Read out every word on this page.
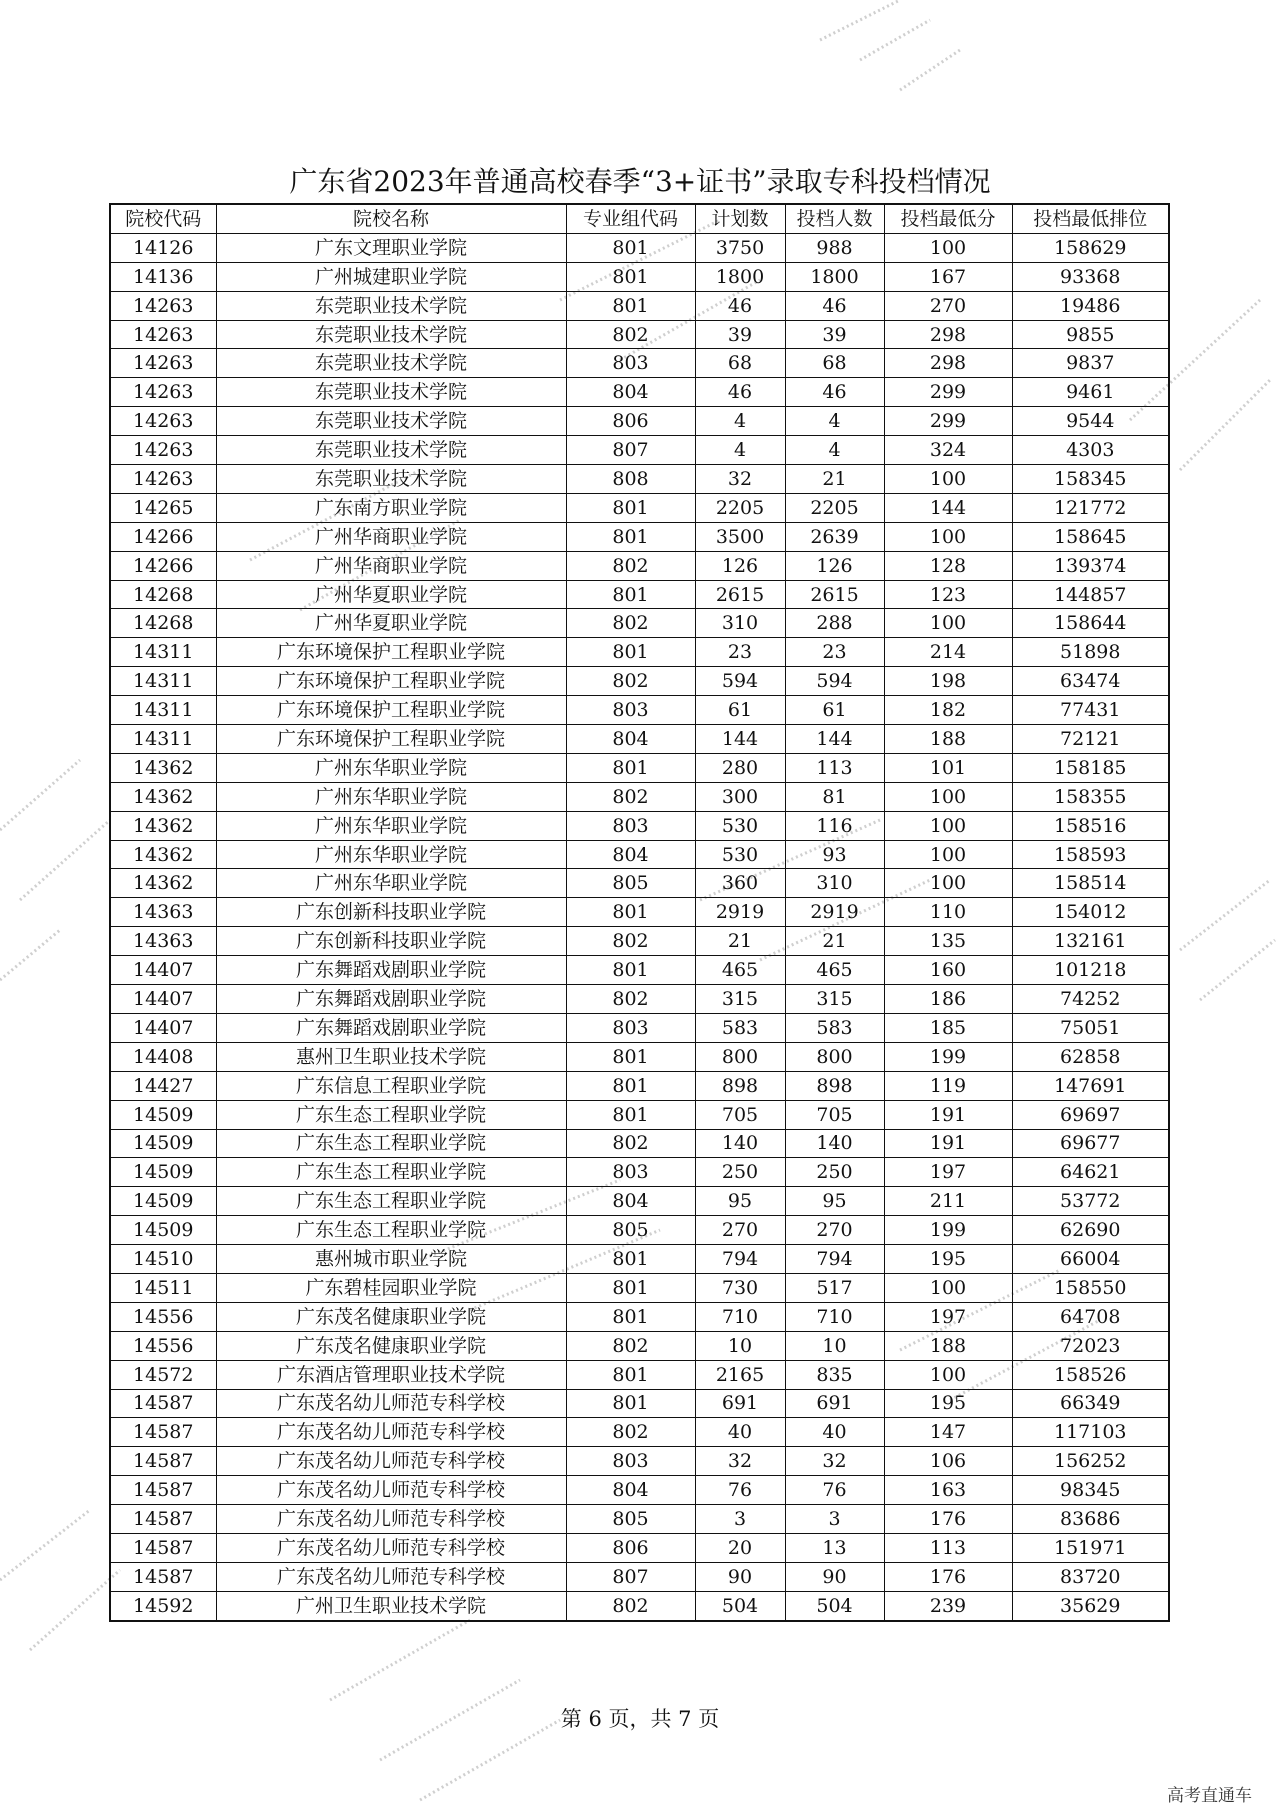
广东省2023年普通高校春季“3+证书”录取专科投档情况
院校代码	院校名称	专业组代码	计划数	投档人数	投档最低分	投档最低排位
14126	广东文理职业学院	801	3750	988	100	158629
14136	广州城建职业学院	801	1800	1800	167	93368
14263	东莞职业技术学院	801	46	46	270	19486
14263	东莞职业技术学院	802	39	39	298	9855
14263	东莞职业技术学院	803	68	68	298	9837
14263	东莞职业技术学院	804	46	46	299	9461
14263	东莞职业技术学院	806	4	4	299	9544
14263	东莞职业技术学院	807	4	4	324	4303
14263	东莞职业技术学院	808	32	21	100	158345
14265	广东南方职业学院	801	2205	2205	144	121772
14266	广州华商职业学院	801	3500	2639	100	158645
14266	广州华商职业学院	802	126	126	128	139374
14268	广州华夏职业学院	801	2615	2615	123	144857
14268	广州华夏职业学院	802	310	288	100	158644
14311	广东环境保护工程职业学院	801	23	23	214	51898
14311	广东环境保护工程职业学院	802	594	594	198	63474
14311	广东环境保护工程职业学院	803	61	61	182	77431
14311	广东环境保护工程职业学院	804	144	144	188	72121
14362	广州东华职业学院	801	280	113	101	158185
14362	广州东华职业学院	802	300	81	100	158355
14362	广州东华职业学院	803	530	116	100	158516
14362	广州东华职业学院	804	530	93	100	158593
14362	广州东华职业学院	805	360	310	100	158514
14363	广东创新科技职业学院	801	2919	2919	110	154012
14363	广东创新科技职业学院	802	21	21	135	132161
14407	广东舞蹈戏剧职业学院	801	465	465	160	101218
14407	广东舞蹈戏剧职业学院	802	315	315	186	74252
14407	广东舞蹈戏剧职业学院	803	583	583	185	75051
14408	惠州卫生职业技术学院	801	800	800	199	62858
14427	广东信息工程职业学院	801	898	898	119	147691
14509	广东生态工程职业学院	801	705	705	191	69697
14509	广东生态工程职业学院	802	140	140	191	69677
14509	广东生态工程职业学院	803	250	250	197	64621
14509	广东生态工程职业学院	804	95	95	211	53772
14509	广东生态工程职业学院	805	270	270	199	62690
14510	惠州城市职业学院	801	794	794	195	66004
14511	广东碧桂园职业学院	801	730	517	100	158550
14556	广东茂名健康职业学院	801	710	710	197	64708
14556	广东茂名健康职业学院	802	10	10	188	72023
14572	广东酒店管理职业技术学院	801	2165	835	100	158526
14587	广东茂名幼儿师范专科学校	801	691	691	195	66349
14587	广东茂名幼儿师范专科学校	802	40	40	147	117103
14587	广东茂名幼儿师范专科学校	803	32	32	106	156252
14587	广东茂名幼儿师范专科学校	804	76	76	163	98345
14587	广东茂名幼儿师范专科学校	805	3	3	176	83686
14587	广东茂名幼儿师范专科学校	806	20	13	113	151971
14587	广东茂名幼儿师范专科学校	807	90	90	176	83720
14592	广州卫生职业技术学院	802	504	504	239	35629
第 6 页，共 7 页
高考直通车
